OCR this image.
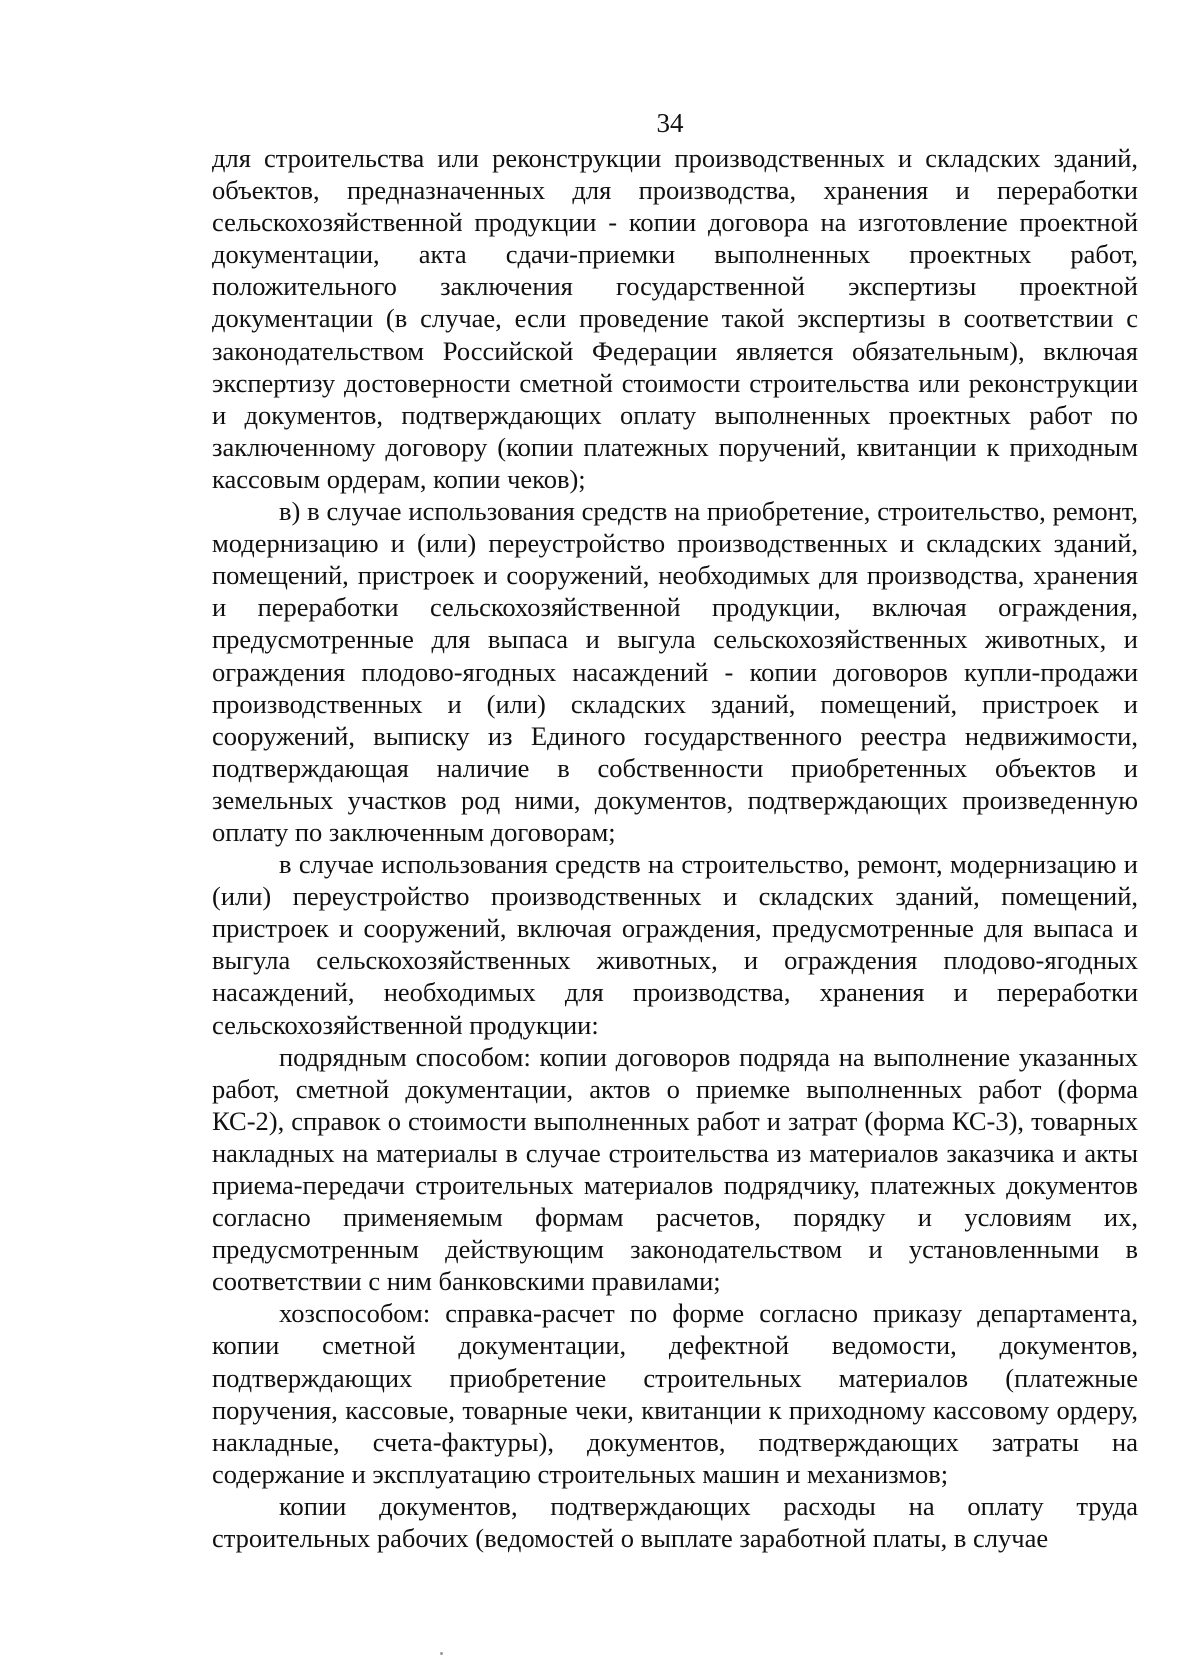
34

для строительства или реконструкции производственных и складских зданий, объектов, предназначенных для производства, хранения и переработки сельскохозяйственной продукции - копии договора на изготовление проектной документации, акта сдачи-приемки выполненных проектных работ, положительного заключения государственной экспертизы проектной документации (в случае, если проведение такой экспертизы в соответствии с законодательством Российской Федерации является обязательным), включая экспертизу достоверности сметной стоимости строительства или реконструкции и документов, подтверждающих оплату выполненных проектных работ по заключенному договору (копии платежных поручений, квитанции к приходным кассовым ордерам, копии чеков);

в) в случае использования средств на приобретение, строительство, ремонт, модернизацию и (или) переустройство производственных и складских зданий, помещений, пристроек и сооружений, необходимых для производства, хранения и переработки сельскохозяйственной продукции, включая ограждения, предусмотренные для выпаса и выгула сельскохозяйственных животных, и ограждения плодово-ягодных насаждений - копии договоров купли-продажи производственных и (или) складских зданий, помещений, пристроек и сооружений, выписку из Единого государственного реестра недвижимости, подтверждающая наличие в собственности приобретенных объектов и земельных участков род ними, документов, подтверждающих произведенную оплату по заключенным договорам;

в случае использования средств на строительство, ремонт, модернизацию и (или) переустройство производственных и складских зданий, помещений, пристроек и сооружений, включая ограждения, предусмотренные для выпаса и выгула сельскохозяйственных животных, и ограждения плодово-ягодных насаждений, необходимых для производства, хранения и переработки сельскохозяйственной продукции:

подрядным способом: копии договоров подряда на выполнение указанных работ, сметной документации, актов о приемке выполненных работ (форма КС-2), справок о стоимости выполненных работ и затрат (форма КС-3), товарных накладных на материалы в случае строительства из материалов заказчика и акты приема-передачи строительных материалов подрядчику, платежных документов согласно применяемым формам расчетов, порядку и условиям их, предусмотренным действующим законодательством и установленными в соответствии с ним банковскими правилами;

хозспособом: справка-расчет по форме согласно приказу департамента, копии сметной документации, дефектной ведомости, документов, подтверждающих приобретение строительных материалов (платежные поручения, кассовые, товарные чеки, квитанции к приходному кассовому ордеру, накладные, счета-фактуры), документов, подтверждающих затраты на содержание и эксплуатацию строительных машин и механизмов;

копии документов, подтверждающих расходы на оплату труда строительных рабочих (ведомостей о выплате заработной платы, в случае
